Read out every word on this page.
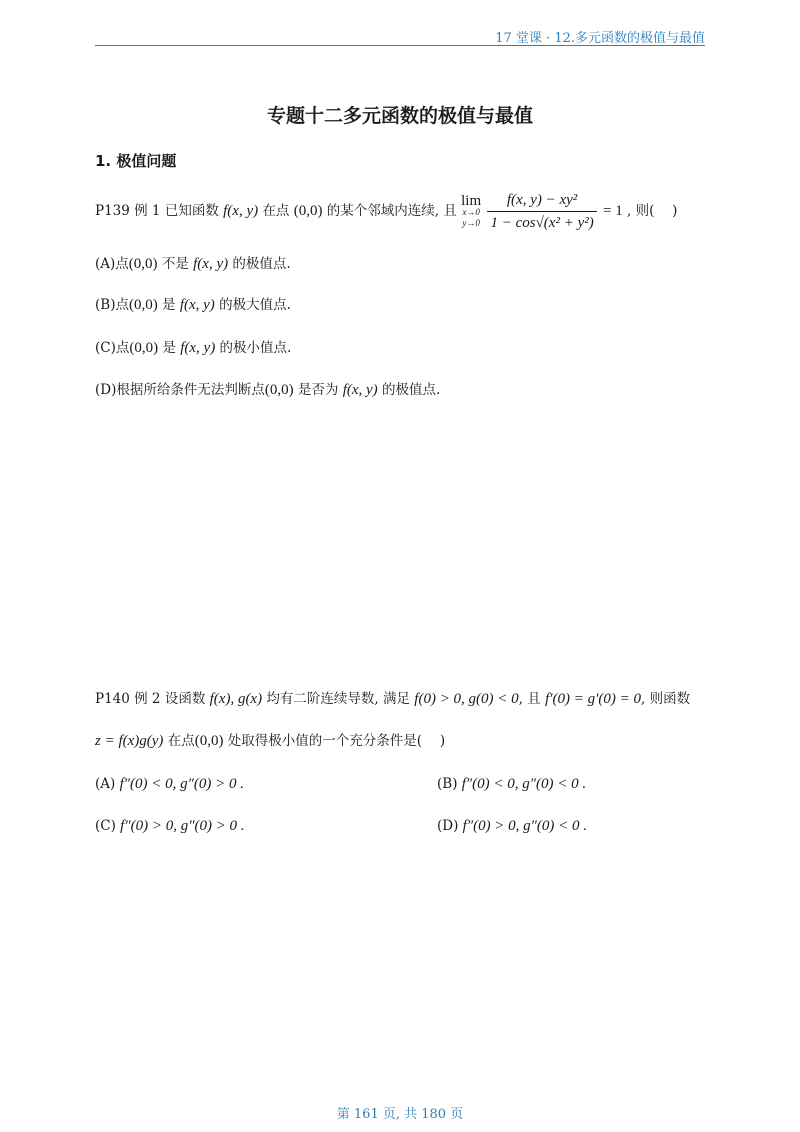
17 堂课 · 12.多元函数的极值与最值
专题十二多元函数的极值与最值
1. 极值问题
P139 例 1 已知函数 f(x, y) 在点 (0,0) 的某个邻域内连续, 且
lim
x→0
y→0
$\frac{\text{f(x, y) − xy²}}{\text{1 − cos√(x² + y²)}} = 1$ , 则(　 )
(A)点(0,0) 不是 f(x, y) 的极值点.
(B)点(0,0) 是 f(x, y) 的极大值点.
(C)点(0,0) 是 f(x, y) 的极小值点.
(D)根据所给条件无法判断点(0,0) 是否为 f(x, y) 的极值点.
P140 例 2 设函数 f(x), g(x) 均有二阶连续导数, 满足 f(0) > 0, g(0) < 0, 且 f′(0) = g′(0) = 0, 则函数
z = f(x)g(y) 在点(0,0) 处取得极小值的一个充分条件是(　 )
(A) f″(0) < 0, g″(0) > 0 .	(B) f″(0) < 0, g″(0) < 0 .
(C) f″(0) > 0, g″(0) > 0 .	(D) f″(0) > 0, g″(0) < 0 .
第 161 页, 共 180 页
